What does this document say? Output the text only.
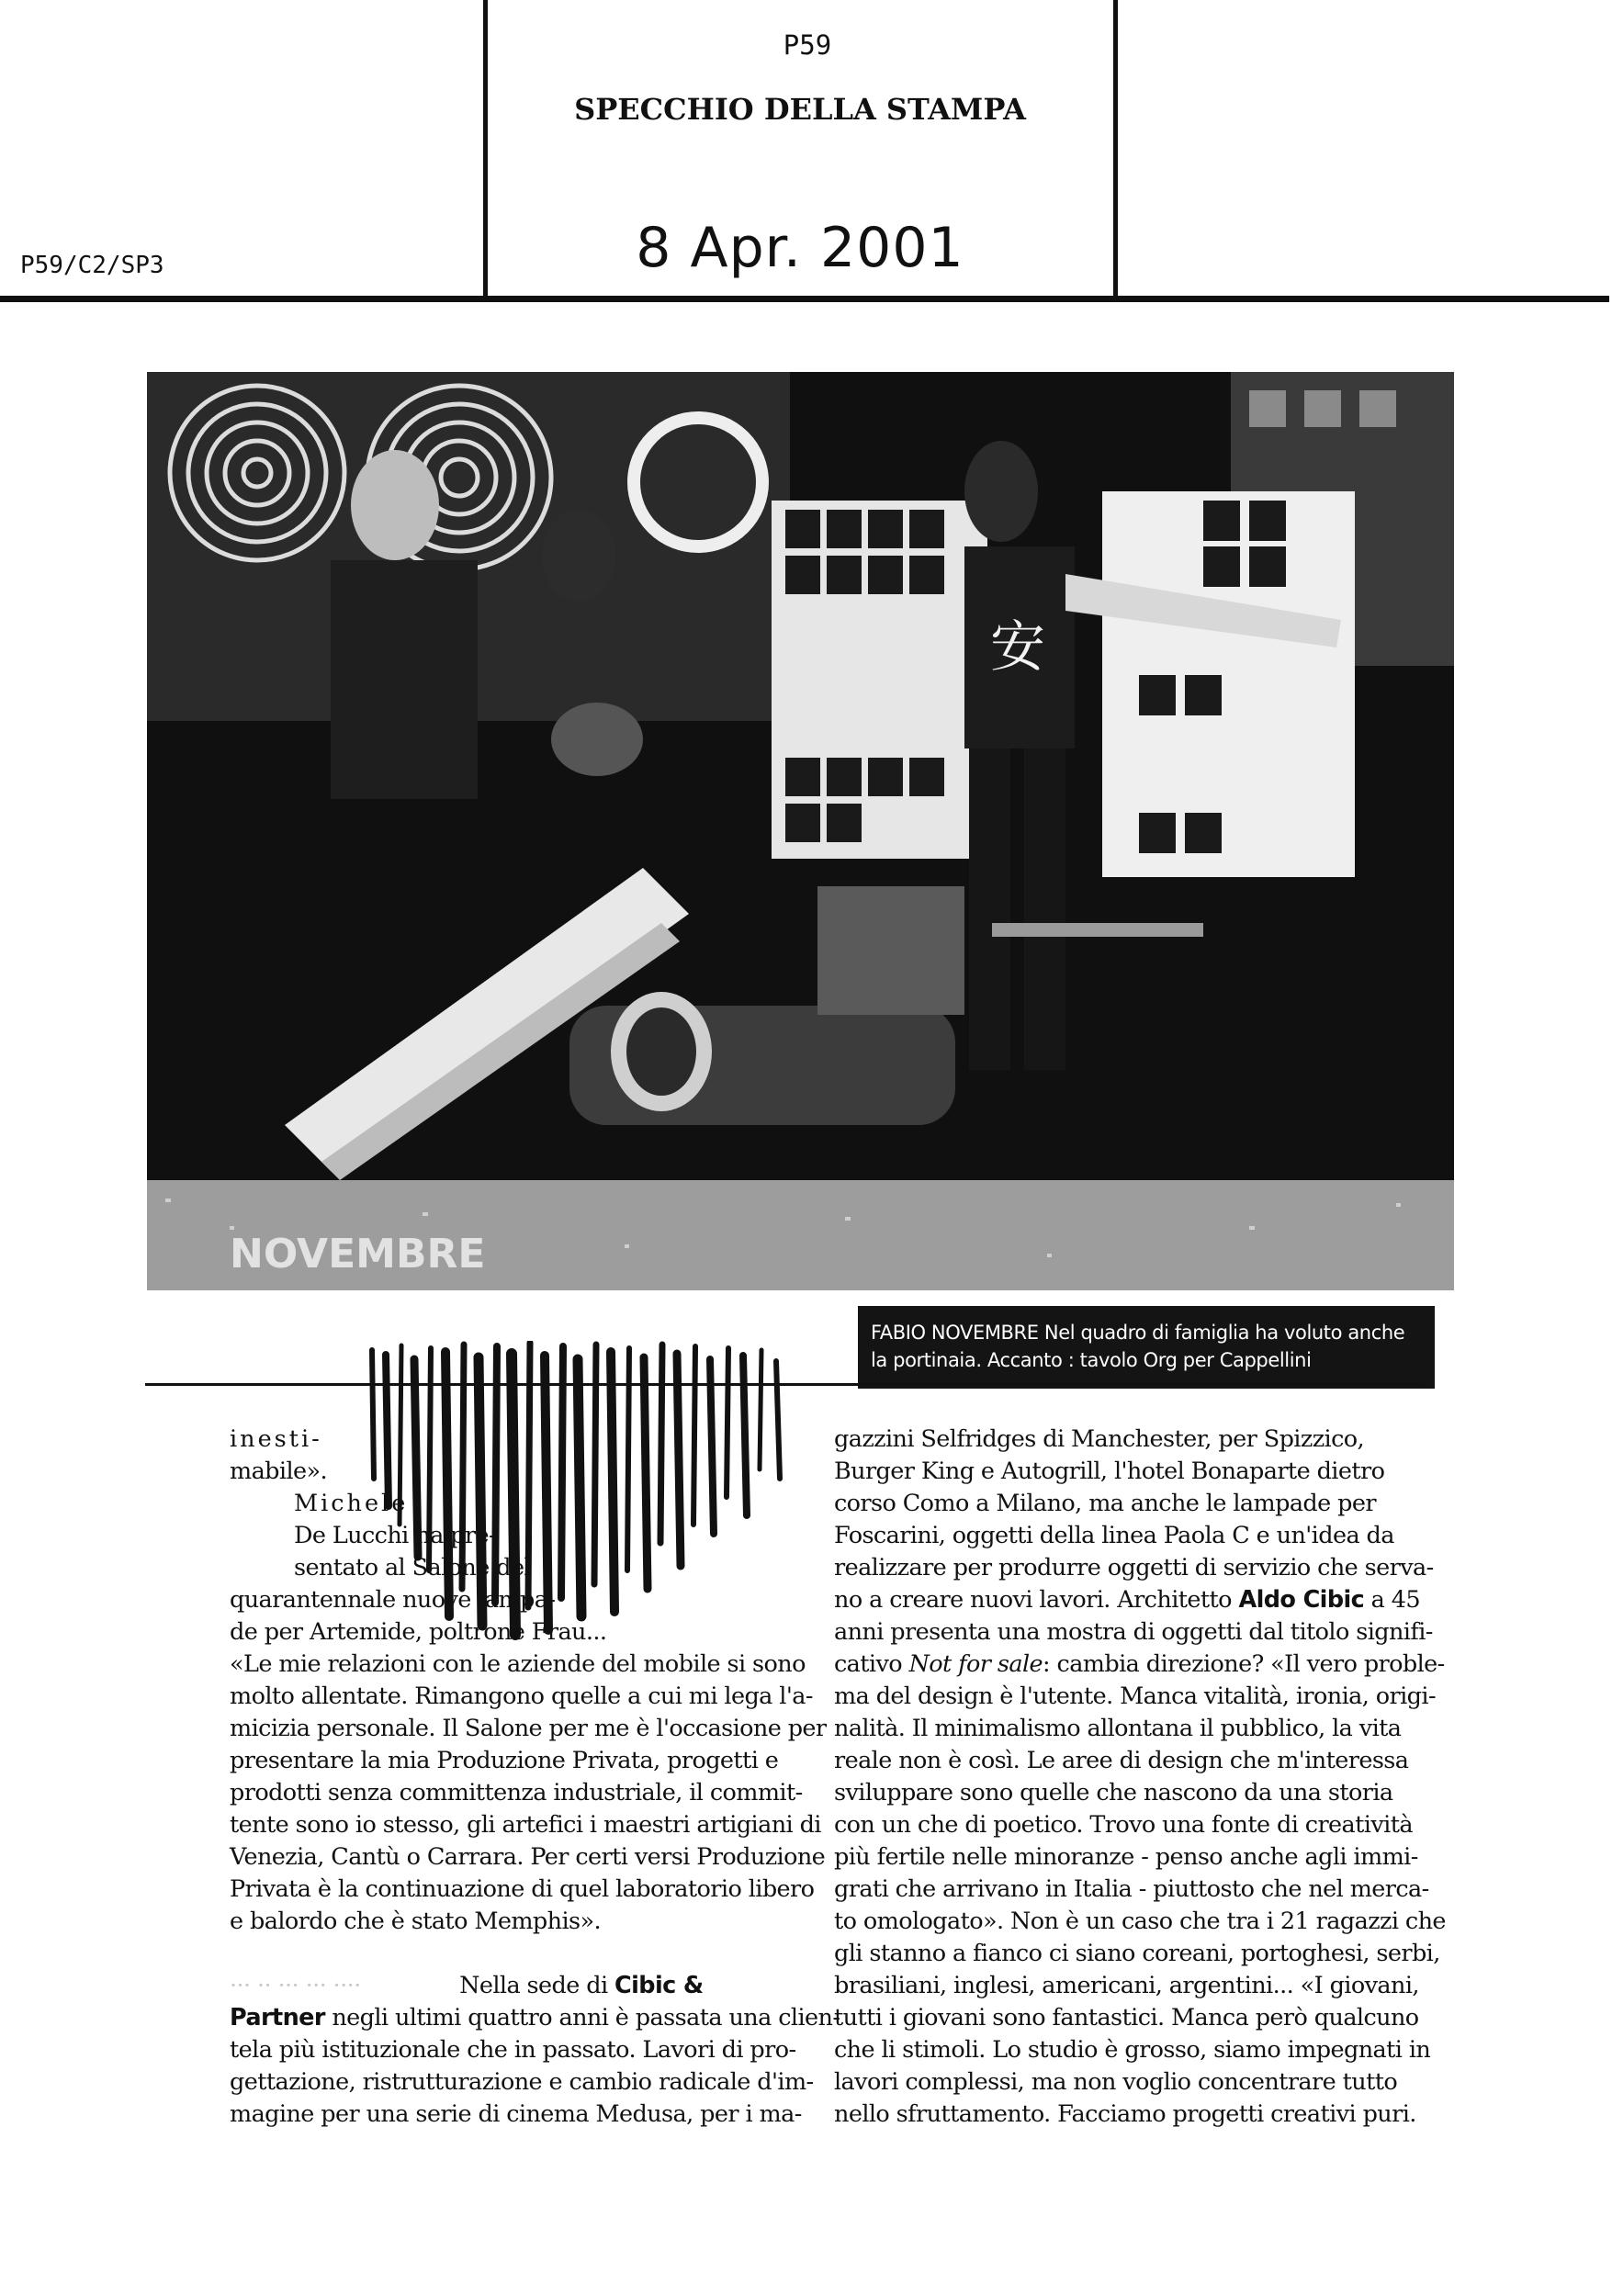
P59
SPECCHIO DELLA STAMPA
8 Apr. 2001
P59/C2/SP3
安
NOVEMBRE
FABIO NOVEMBRE Nel quadro di famiglia ha voluto anche la portinaia. Accanto : tavolo Org per Cappellini
inesti-
mabile».
Michele
De Lucchi ha pre-
sentato al Salone del
quarantennale nuove lampa-
de per Artemide, poltrone Frau...
«Le mie relazioni con le aziende del mobile si sono
molto allentate. Rimangono quelle a cui mi lega l'a-
micizia personale. Il Salone per me è l'occasione per
presentare la mia Produzione Privata, progetti e
prodotti senza committenza industriale, il commit-
tente sono io stesso, gli artefici i maestri artigiani di
Venezia, Cantù o Carrara. Per certi versi Produzione
Privata è la continuazione di quel laboratorio libero
e balordo che è stato Memphis».
··· ·· ··· ··· ····	Nella sede di Cibic &
Partner negli ultimi quattro anni è passata una clien-
tela più istituzionale che in passato. Lavori di pro-
gettazione, ristrutturazione e cambio radicale d'im-
magine per una serie di cinema Medusa, per i ma-
gazzini Selfridges di Manchester, per Spizzico,
Burger King e Autogrill, l'hotel Bonaparte dietro
corso Como a Milano, ma anche le lampade per
Foscarini, oggetti della linea Paola C e un'idea da
realizzare per produrre oggetti di servizio che serva-
no a creare nuovi lavori. Architetto Aldo Cibic a 45
anni presenta una mostra di oggetti dal titolo signifi-
cativo Not for sale: cambia direzione? «Il vero proble-
ma del design è l'utente. Manca vitalità, ironia, origi-
nalità. Il minimalismo allontana il pubblico, la vita
reale non è così. Le aree di design che m'interessa
sviluppare sono quelle che nascono da una storia
con un che di poetico. Trovo una fonte di creatività
più fertile nelle minoranze - penso anche agli immi-
grati che arrivano in Italia - piuttosto che nel merca-
to omologato». Non è un caso che tra i 21 ragazzi che
gli stanno a fianco ci siano coreani, portoghesi, serbi,
brasiliani, inglesi, americani, argentini... «I giovani,
tutti i giovani sono fantastici. Manca però qualcuno
che li stimoli. Lo studio è grosso, siamo impegnati in
lavori complessi, ma non voglio concentrare tutto
nello sfruttamento. Facciamo progetti creativi puri.
